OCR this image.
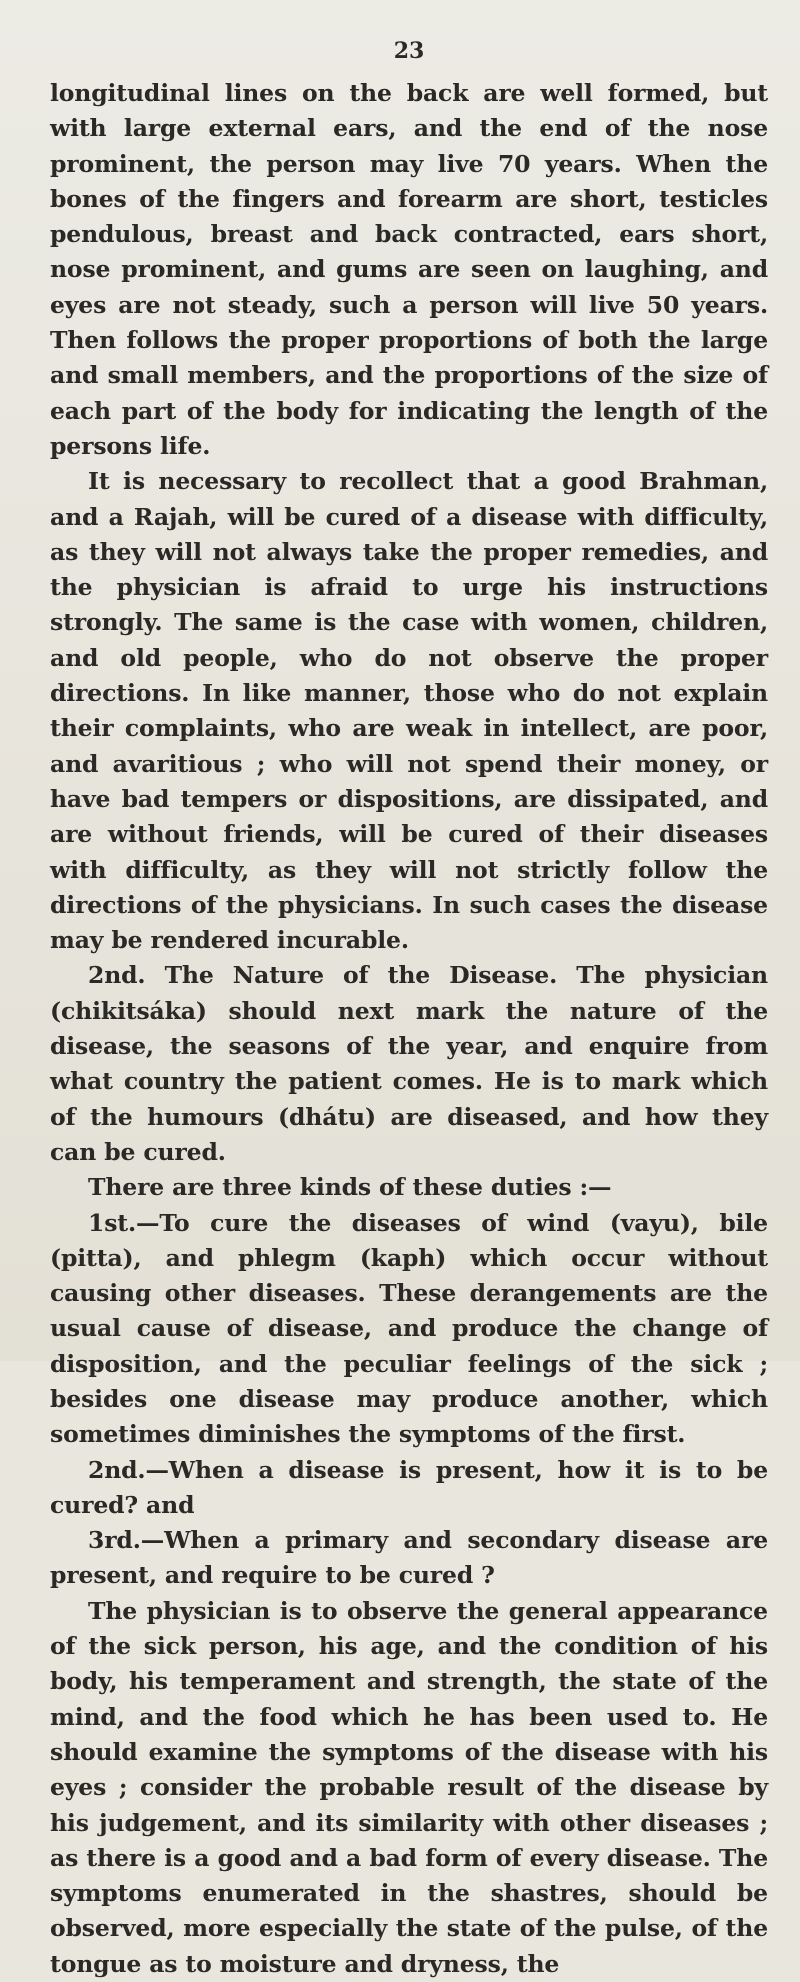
23

longitudinal lines on the back are well formed, but with large external ears, and the end of the nose prominent, the person may live 70 years. When the bones of the fingers and forearm are short, testicles pendulous, breast and back contracted, ears short, nose prominent, and gums are seen on laughing, and eyes are not steady, such a person will live 50 years. Then follows the proper proportions of both the large and small members, and the proportions of the size of each part of the body for indicating the length of the persons life.

It is necessary to recollect that a good Brahman, and a Rajah, will be cured of a disease with difficulty, as they will not always take the proper remedies, and the physician is afraid to urge his instructions strongly. The same is the case with women, children, and old people, who do not observe the proper directions. In like manner, those who do not explain their complaints, who are weak in intellect, are poor, and avaritious ; who will not spend their money, or have bad tempers or dispositions, are dissipated, and are without friends, will be cured of their diseases with difficulty, as they will not strictly follow the directions of the physicians. In such cases the disease may be rendered incurable.

2nd. The Nature of the Disease. The physician (chikitsáka) should next mark the nature of the disease, the seasons of the year, and enquire from what country the patient comes. He is to mark which of the humours (dhátu) are diseased, and how they can be cured.

There are three kinds of these duties :—

1st.—To cure the diseases of wind (vayu), bile (pitta), and phlegm (kaph) which occur without causing other diseases. These derangements are the usual cause of disease, and produce the change of disposition, and the peculiar feelings of the sick ; besides one disease may produce another, which sometimes diminishes the symptoms of the first.

2nd.—When a disease is present, how it is to be cured? and

3rd.—When a primary and secondary disease are present, and require to be cured ?

The physician is to observe the general appearance of the sick person, his age, and the condition of his body, his temperament and strength, the state of the mind, and the food which he has been used to. He should examine the symptoms of the disease with his eyes ; consider the probable result of the disease by his judgement, and its similarity with other diseases ; as there is a good and a bad form of every disease. The symptoms enumerated in the shastres, should be observed, more especially the state of the pulse, of the tongue as to moisture and dryness, the
